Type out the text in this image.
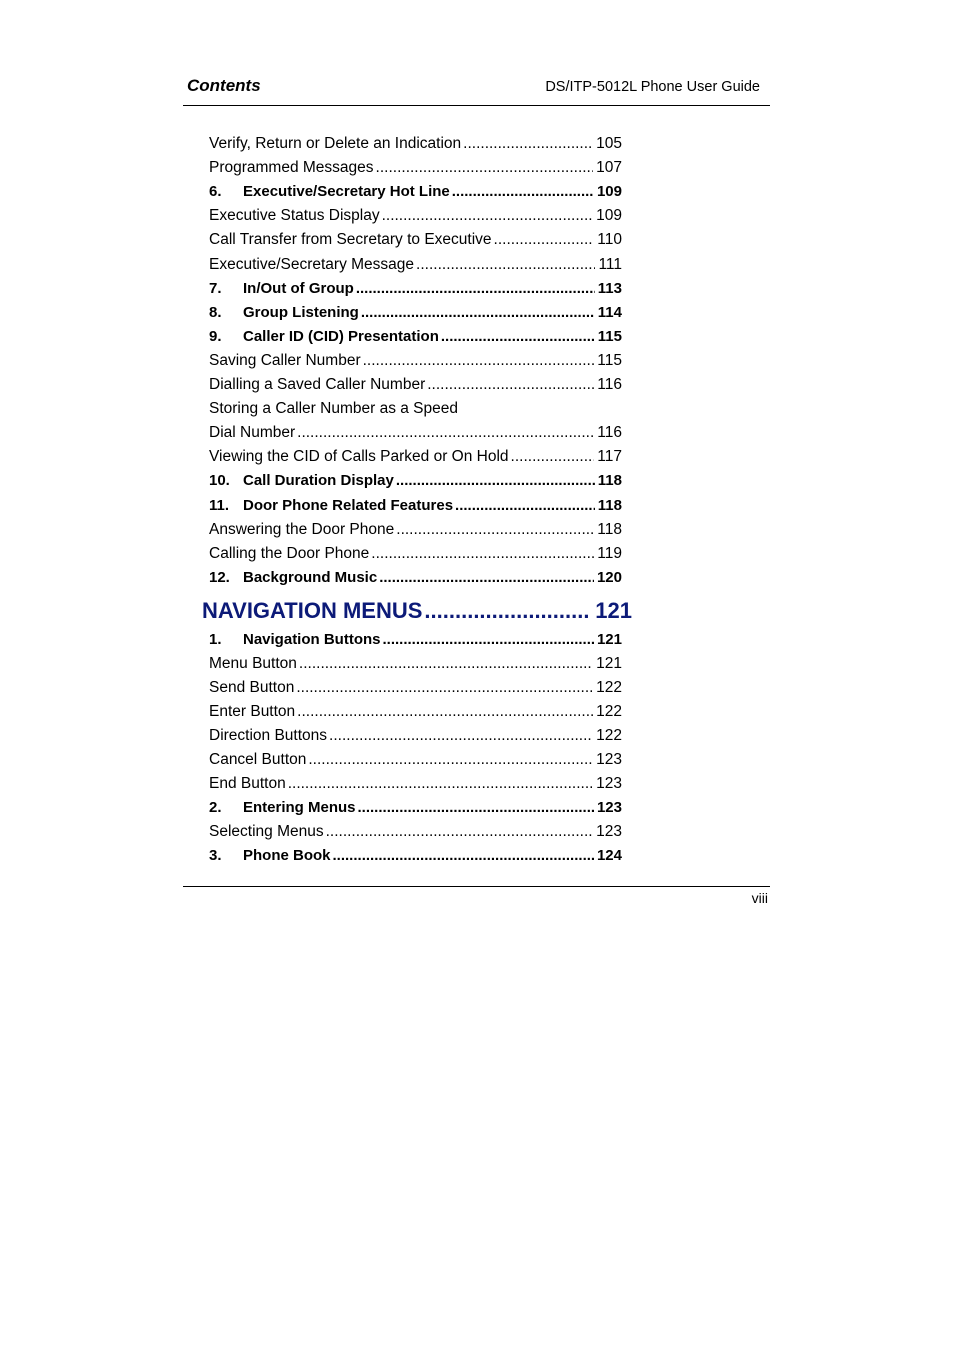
Contents	DS/ITP-5012L Phone User Guide
Verify, Return or Delete an Indication .....	105
Programmed Messages .....	107
6.	Executive/Secretary Hot Line .....	109
Executive Status Display .....	109
Call Transfer from Secretary to Executive .....	110
Executive/Secretary Message .....	111
7.	In/Out of Group .....	113
8.	Group Listening .....	114
9.	Caller ID (CID) Presentation .....	115
Saving Caller Number .....	115
Dialling a Saved Caller Number .....	116
Storing a Caller Number as a Speed
Dial Number .....	116
Viewing the CID of Calls Parked or On Hold .....	117
10. Call Duration Display .....	118
11. Door Phone Related Features .....	118
Answering the Door Phone .....	118
Calling the Door Phone .....	119
12. Background Music .....	120
NAVIGATION MENUS .....	121
1.	Navigation Buttons .....	121
Menu Button .....	121
Send Button .....	122
Enter Button .....	122
Direction Buttons .....	122
Cancel Button .....	123
End Button .....	123
2.	Entering Menus .....	123
Selecting Menus .....	123
3.	Phone Book .....	124
viii
